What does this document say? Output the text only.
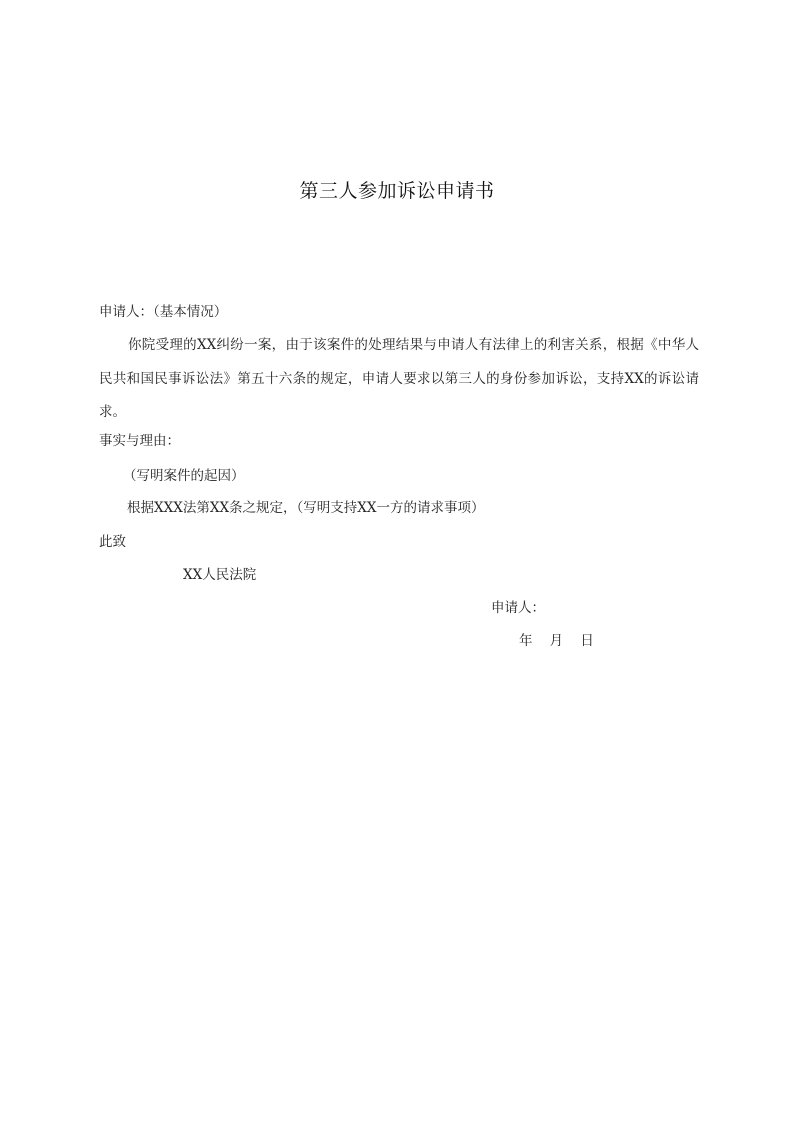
第三人参加诉讼申请书
申请人：（基本情况）
你院受理的XX纠纷一案，由于该案件的处理结果与申请人有法律上的利害关系，根据《中华人民共和国民事诉讼法》第五十六条的规定，申请人要求以第三人的身份参加诉讼，支持XX的诉讼请求。
事实与理由：
（写明案件的起因）
根据XXX法第XX条之规定，（写明支持XX一方的请求事项）
此致
XX人民法院
申请人：
年    月    日
